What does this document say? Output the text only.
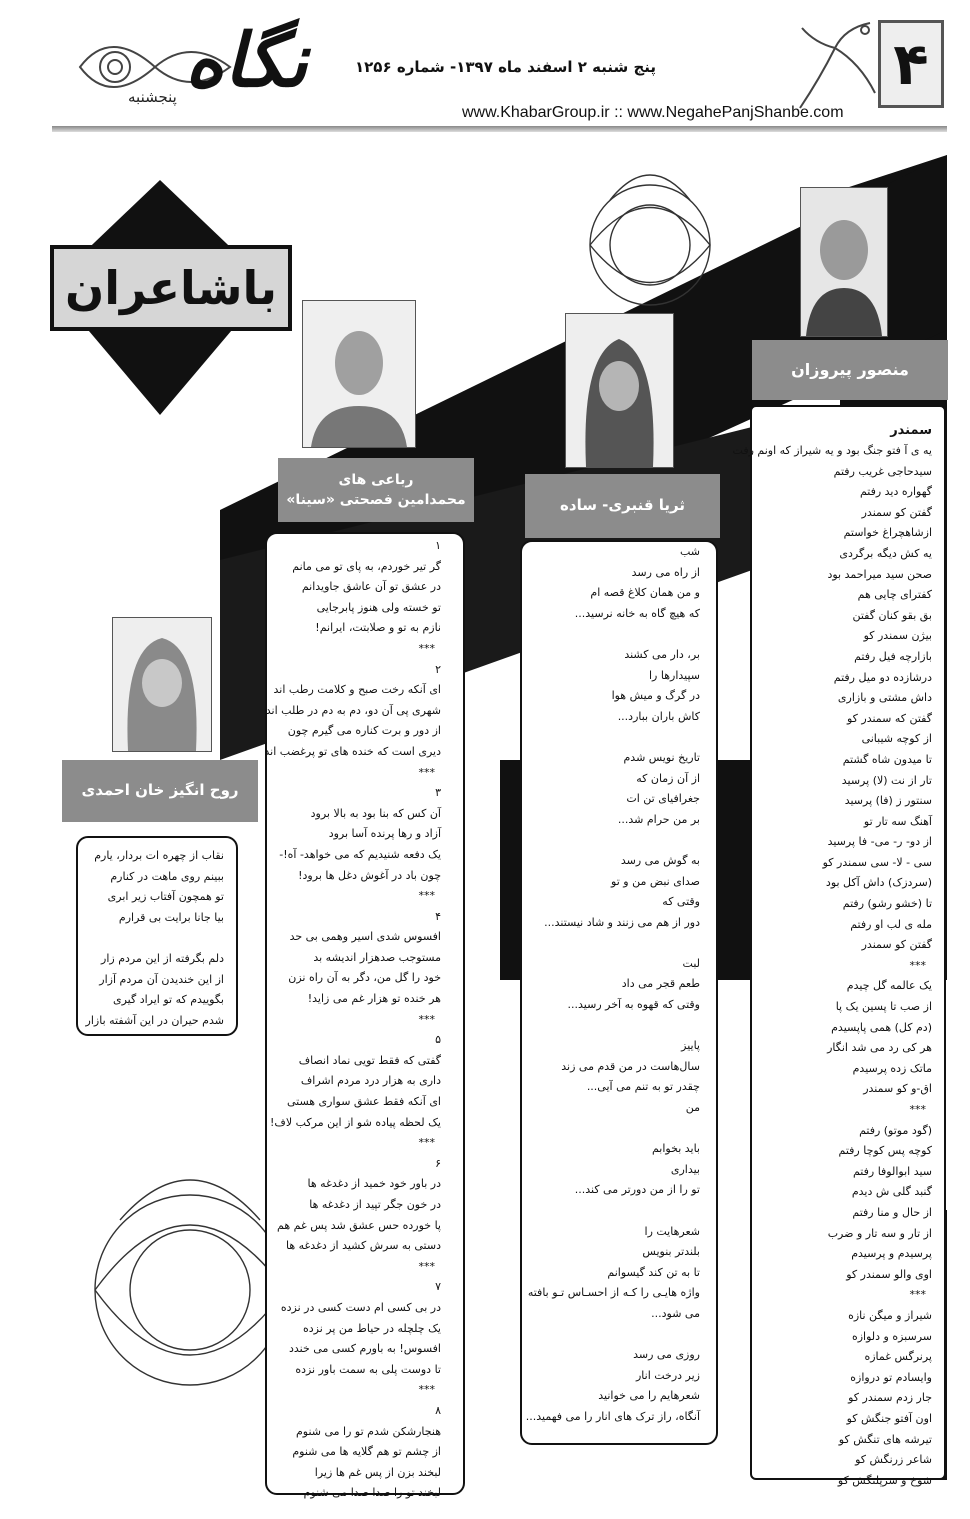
نگاه
پنجشنبه
پنج شنبه ۲ اسفند ماه ۱۳۹۷- شماره ۱۲۵۶
www.KhabarGroup.ir :: www.NegahePanjShanbe.com
۴
باشاعران
منصور پیروزان
ثریا قنبری- ساده
رباعی های
محمدامین فصحتی «سینا»
روح انگیز خان احمدی
سمندر
یه ی آ فتو جنگ بود و یه شیراز که اونم رفت
سیدحاجی غریب رفتم
گهواره دید رفتم
گفتن کو سمندر
ازشاهچراغ خواستم
یه کش دیگه برگردی
صحن سید میراحمد بود
کفترای چایی هم
بق بقو کنان گفتن
بیژن سمندر کو
بازارچه فیل رفتم
درشازده دو میل رفتم
داش مشتی و بازاری
گفتن که سمندر کو
از کوچه شیبانی
تا میدون شاه گشتم
تار از نت (لا) پرسید
سنتور ز (فا) پرسید
آهنگ سه تار تو
از دو- ر- می- فا پرسید
سی - لا- سی سمندر کو
(سردزک) داش آکل بود
تا (خشو رشو) رفتم
مله ی لب او رفتم
گفتن کو سمندر
***
یک عالمه گل چیدم
از صب تا پسین یک پا
(دم کل) همی پاپسیدم
هر کی رد می شد انگار
ماتک زده پرسیدم
اق-و کو سمندر
***
(گود موتو) رفتم
کوچه پس کوچا رفتم
سید ابوالوفا رفتم
گنبد گلی ش دیدم
از حال و منا رفتم
از تار و سه تار و ضرب
پرسیدم و پرسیدم
اوی والو سمندر کو
***
شیراز و میگن نازه
سرسبزه و دلوازه
پرنرگس غمازه
وایسادم تو دروازه
جار زدم سمندر کو
اون آفتو جنگش کو
تیرشه های تنگش کو
شاعر زرنگش کو
شوخ و سرپلنگش کو
شب
از راه می رسد
و من همان کلاغ قصه ام
که هیچ گاه به خانه نرسید...

بر، دار می کشند
سپیدارها را
در گرگ و میش هوا
کاش باران ببارد...

تاریخ نویس شدم
از آن زمان که
جغرافیای تن ات
بر من حرام شد...

به گوش می رسد
صدای نبض من و تو
وقتی که
دور از هم می زنند و شاد نیستند...

لبت
طعم قجر می داد
وقتی که قهوه به آخر رسید...

پاییز
سال‌هاست در من قدم می زند
چقدر تو به تنم می آیی...
من

باید بخوابم
بیداری
تو را از من دورتر می کند...

شعرهایت را
بلندتر بنویس
تا به تن کند گیسوانم
واژه هایـی را کـه از احسـاس تـو بافته
می شود...

روزی می رسد
زیر درخت انار
شعرهایم را می خوانید
آنگاه، راز ترک های انار را می فهمید...
۱
گر تیر خوردم، به پای تو می مانم
در عشق تو آن عاشق جاویدانم
تو خسته ولی هنوز پابرجایی
نازم به تو و صلابتت، ایرانم!
***
۲
ای آنکه رخت صبح و کلامت رطب اند
شهری پی آن دو، دم به دم در طلب اند
از دور و برت کناره می گیرم چون
دیری است که خنده های تو پرغضب اند
***
۳
آن کس که بنا بود به بالا برود
آزاد و رها پرنده آسا برود
یک دفعه شنیدیم که می خواهد- آه!-
چون باد در آغوش دغل ها برود!
***
۴
افسوس شدی اسیر وهمی بی حد
مستوجب صدهزار اندیشه بد
خود را گل من، دگر به آن راه نزن
هر خنده تو هزار غم می زاید!
***
۵
گفتی که فقط تویی نماد انصاف
داری به هزار درد مردم اشراف
ای آنکه فقط عشق سواری هستی
یک لحظه پیاده شو از این مرکب لاف!
***
۶
در باور خود خمید از دغدغه ها
در خون جگر تپید از دغدغه ها
پا خورده حس عشق شد پس غم هم
دستی به سرش کشید از دغدغه ها
***
۷
در بی کسی ام دست کسی در نزده
یک چلچله در حیاط من پر نزده
افسوس! به باورم کسی می خندد
تا دوست پلی به سمت باور نزده
***
۸
هنجارشکن شدم تو را می شنوم
از چشم تو هم گلایه ها می شنوم
لبخند بزن از پس غم ها زیرا
لبخند تو را صدا صدا می شنوم
نقاب از چهره ات بردار، یارم
ببینم روی ماهت در کنارم
تو همچون آفتاب زیر ابری
بیا جانا برایت بی قرارم

دلم بگرفته از این مردم زار
از این خندیدن آن مردم آزار
بگوییدم که تو ایراد گیری
شدم حیران در این آشفته بازار
